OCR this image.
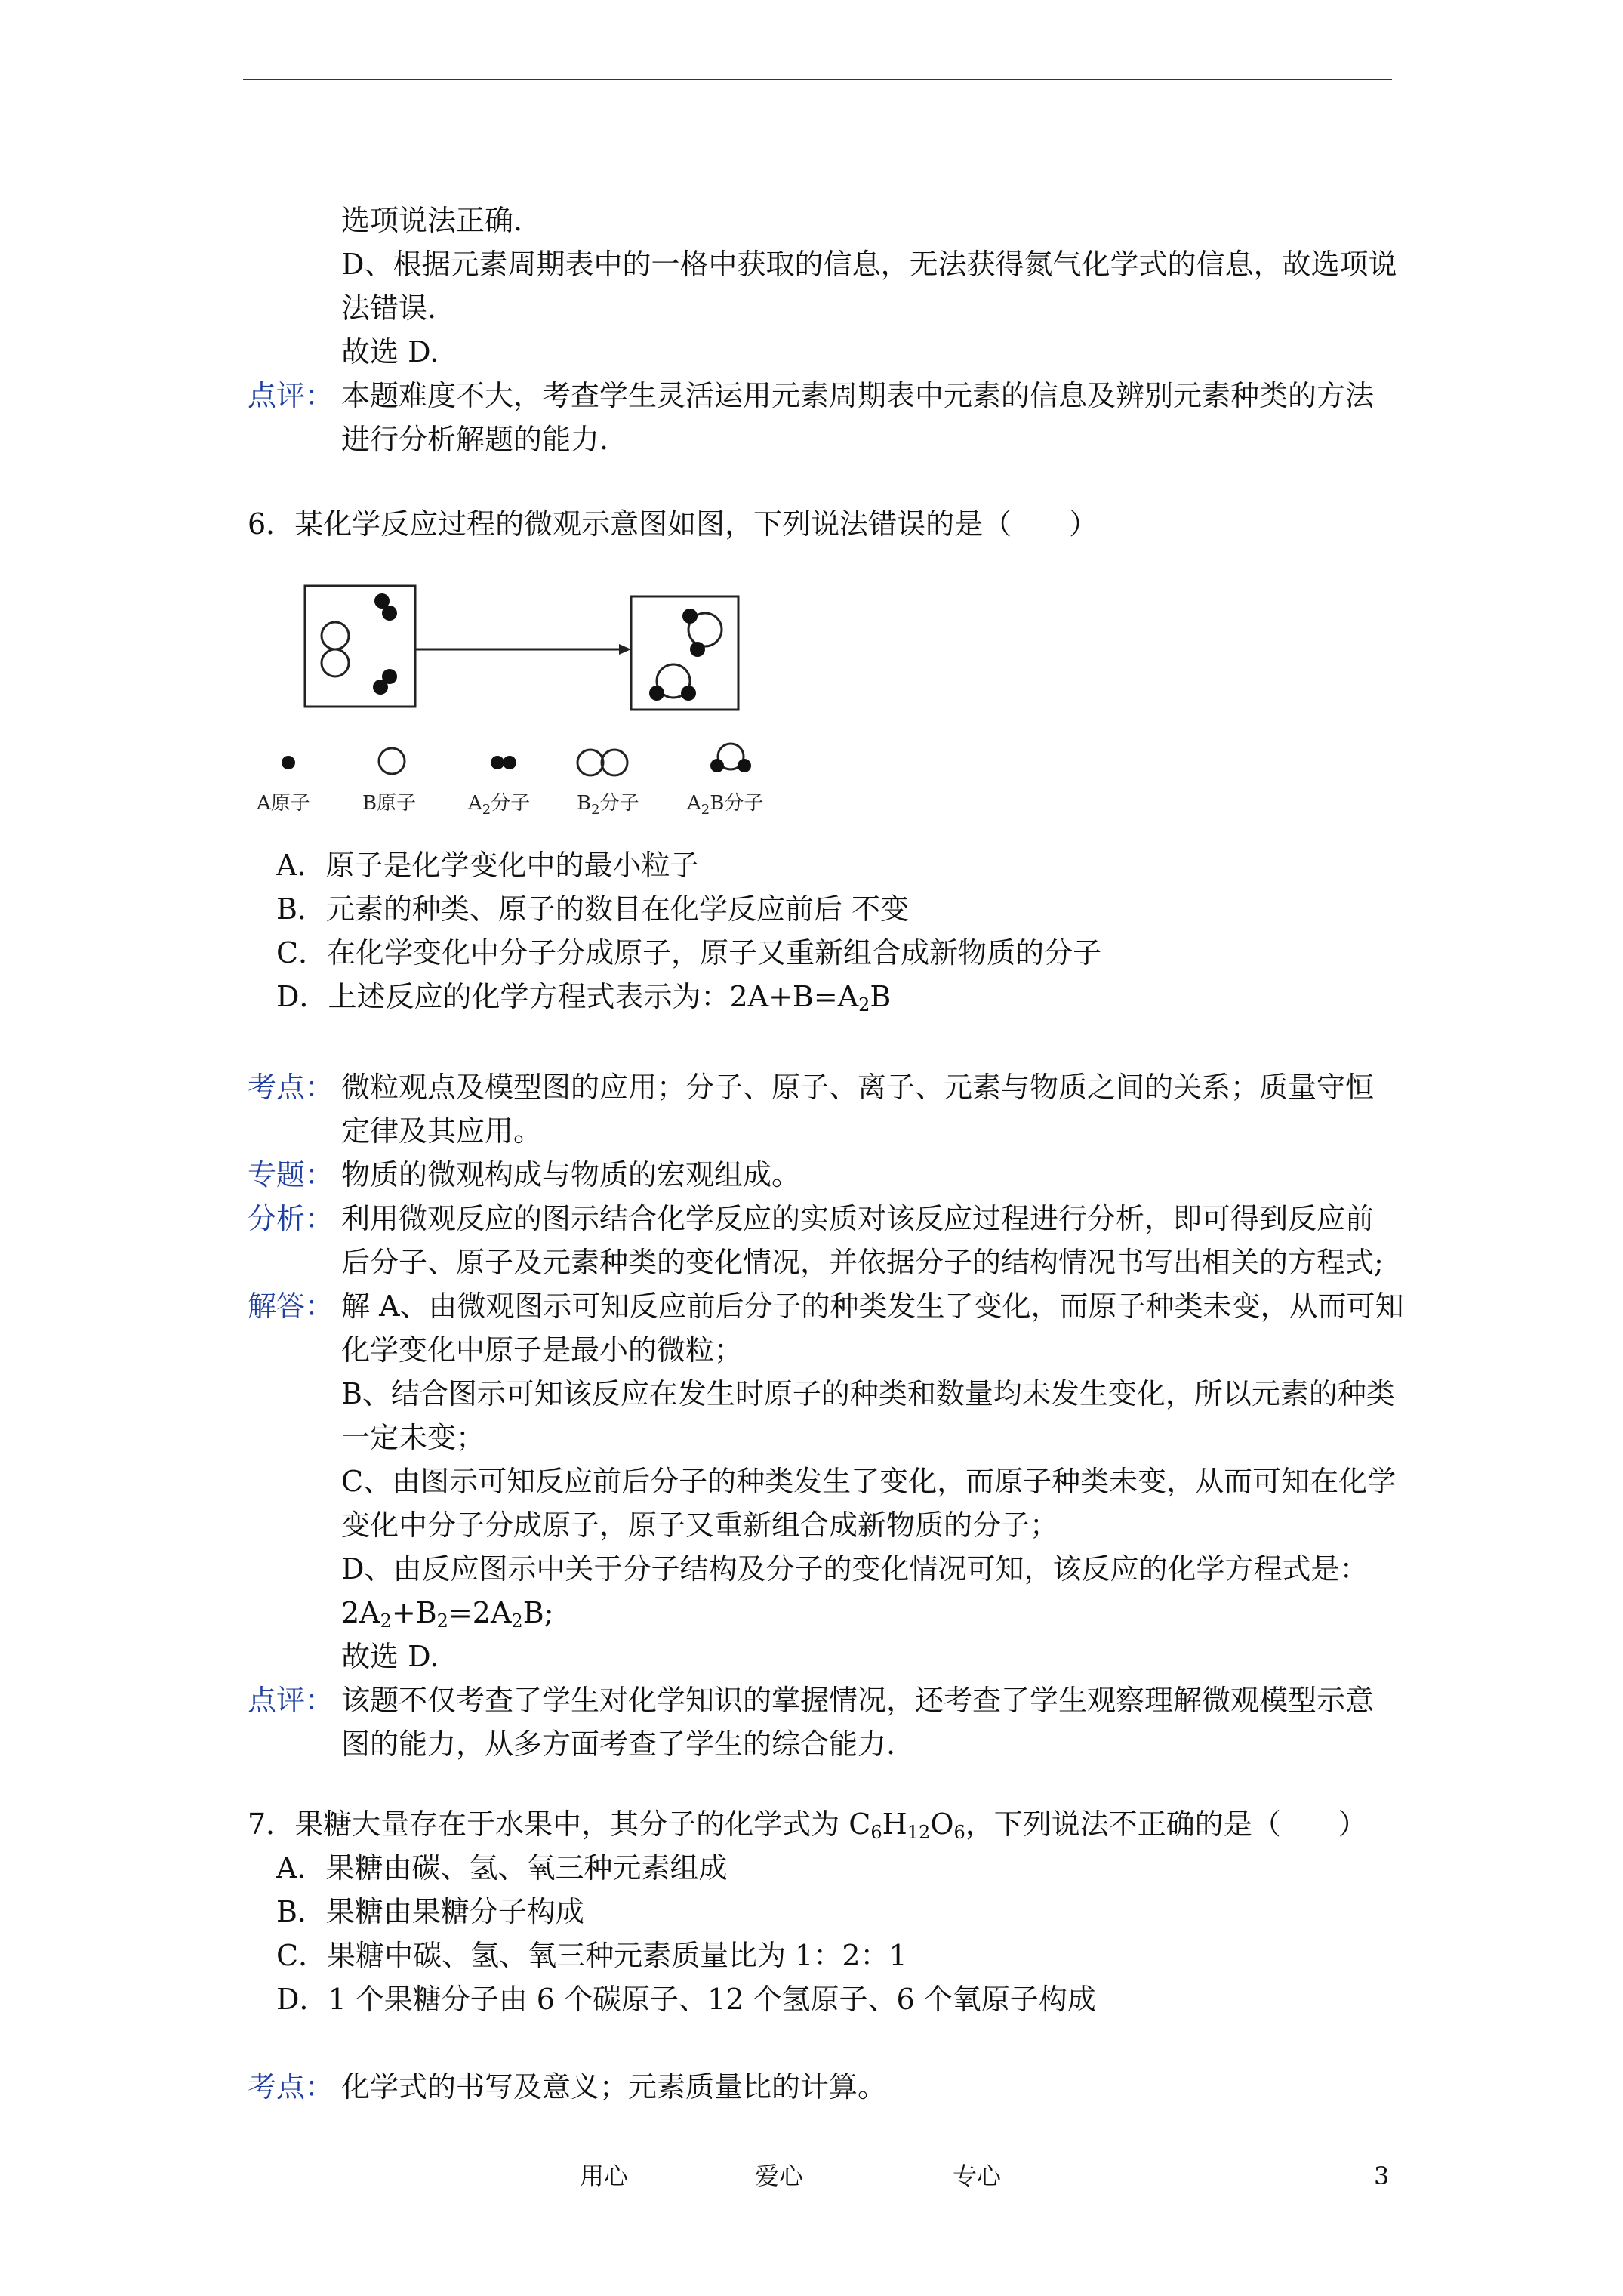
选项说法正确.
D、根据元素周期表中的一格中获取的信息，无法获得氮气化学式的信息，故选项说
法错误.
故选 D.
点评： 本题难度不大，考查学生灵活运用元素周期表中元素的信息及辨别元素种类的方法
进行分析解题的能力.
6．某化学反应过程的微观示意图如图，下列说法错误的是（　　）
A原子	B原子	$A_2$分子 $B_2$分子 $A_2B$分子
A．原子是化学变化中的最小粒子
B．元素的种类、原子的数目在化学反应前后 不变
C．在化学变化中分子分成原子，原子又重新组合成新物质的分子
D．上述反应的化学方程式表示为：$2A+B=A_2B$
考点： 微粒观点及模型图的应用；分子、原子、离子、元素与物质之间的关系；质量守恒
定律及其应用。
专题： 物质的微观构成与物质的宏观组成。
分析： 利用微观反应的图示结合化学反应的实质对该反应过程进行分析，即可得到反应前
后分子、原子及元素种类的变化情况，并依据分子的结构情况书写出相关的方程式;
解答： 解 A、由微观图示可知反应前后分子的种类发生了变化，而原子种类未变，从而可知
化学变化中原子是最小的微粒；
B、结合图示可知该反应在发生时原子的种类和数量均未发生变化，所以元素的种类
一定未变；
C、由图示可知反应前后分子的种类发生了变化，而原子种类未变，从而可知在化学
变化中分子分成原子，原子又重新组合成新物质的分子；
D、由反应图示中关于分子结构及分子的变化情况可知，该反应的化学方程式是：
$2A_2+B_2=2A_2B$;
故选 D.
点评： 该题不仅考查了学生对化学知识的掌握情况，还考查了学生观察理解微观模型示意
图的能力，从多方面考查了学生的综合能力.
7．果糖大量存在于水果中，其分子的化学式为 $C_6H_{12}O_6$，下列说法不正确的是（　　）
A．果糖由碳、氢、氧三种元素组成
B．果糖由果糖分子构成
C．果糖中碳、氢、氧三种元素质量比为 1：2：1
D．1 个果糖分子由 6 个碳原子、12 个氢原子、6 个氧原子构成
考点： 化学式的书写及意义；元素质量比的计算。
用心	爱心	专心	3
